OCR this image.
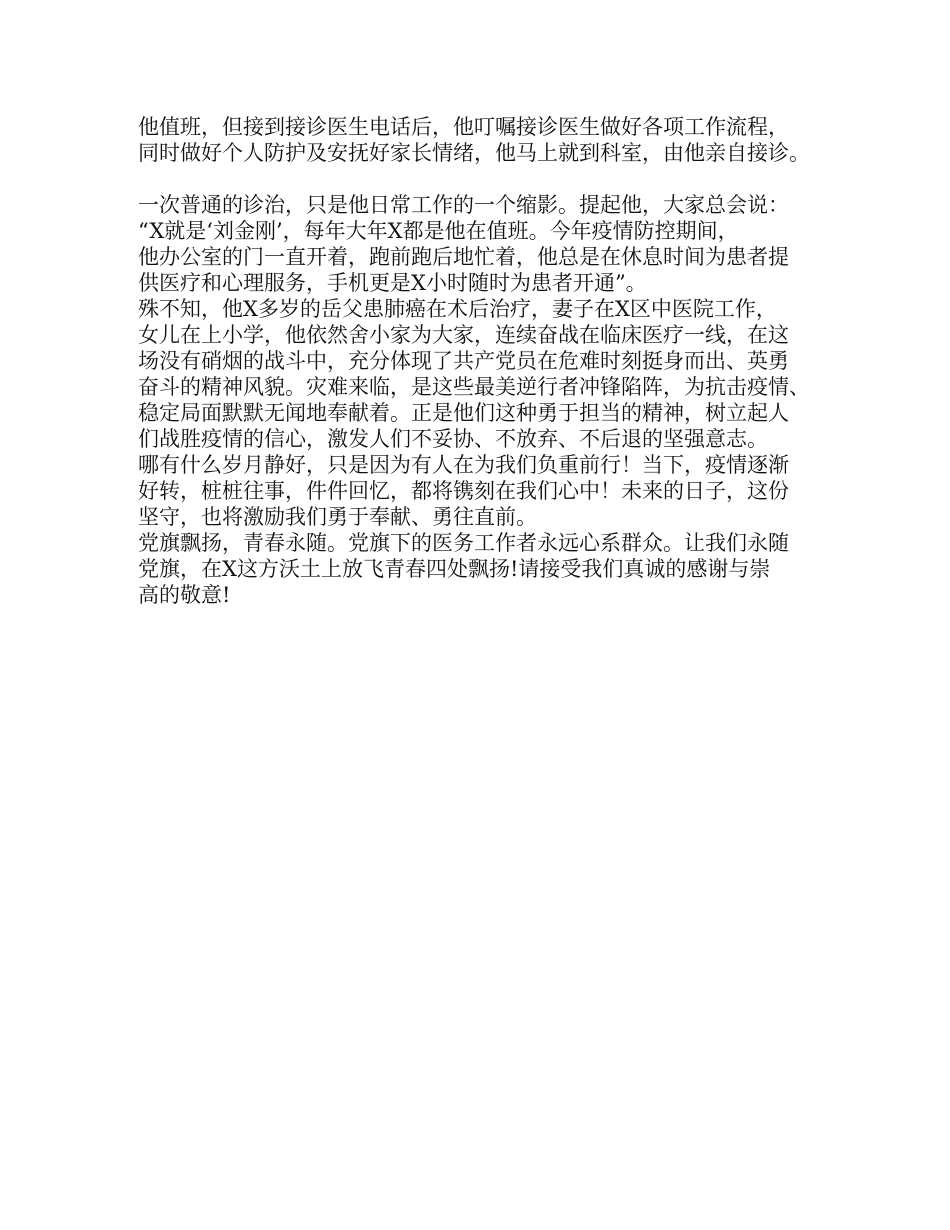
他值班，但接到接诊医生电话后，他叮嘱接诊医生做好各项工作流程，
同时做好个人防护及安抚好家长情绪，他马上就到科室，由他亲自接诊。
一次普通的诊治，只是他日常工作的一个缩影。提起他，大家总会说：
“X就是‘刘金刚’，每年大年X都是他在值班。今年疫情防控期间，
他办公室的门一直开着，跑前跑后地忙着，他总是在休息时间为患者提
供医疗和心理服务，手机更是X小时随时为患者开通”。
殊不知，他X多岁的岳父患肺癌在术后治疗，妻子在X区中医院工作，
女儿在上小学，他依然舍小家为大家，连续奋战在临床医疗一线，在这
场没有硝烟的战斗中，充分体现了共产党员在危难时刻挺身而出、英勇
奋斗的精神风貌。灾难来临，是这些最美逆行者冲锋陷阵，为抗击疫情、
稳定局面默默无闻地奉献着。正是他们这种勇于担当的精神，树立起人
们战胜疫情的信心，激发人们不妥协、不放弃、不后退的坚强意志。
哪有什么岁月静好，只是因为有人在为我们负重前行！当下，疫情逐渐
好转，桩桩往事，件件回忆，都将镌刻在我们心中！未来的日子，这份
坚守，也将激励我们勇于奉献、勇往直前。
党旗飘扬，青春永随。党旗下的医务工作者永远心系群众。让我们永随
党旗，在X这方沃土上放飞青春四处飘扬!请接受我们真诚的感谢与崇
高的敬意!
